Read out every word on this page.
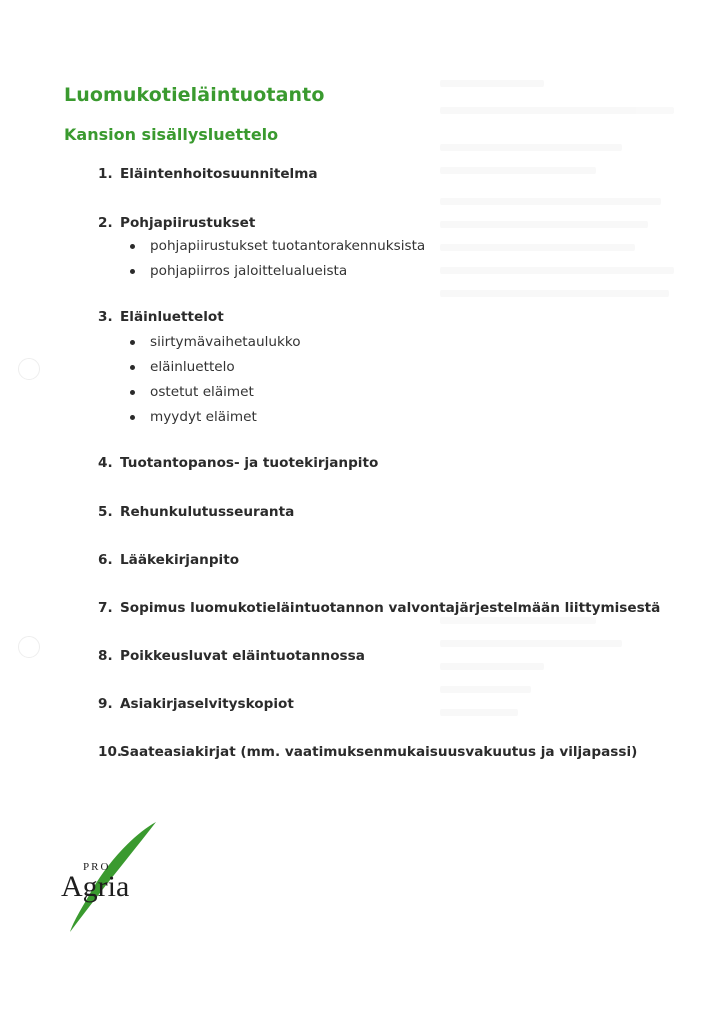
Luomukotieläintuotanto
Kansion sisällysluettelo
1. Eläintenhoitosuunnitelma
2. Pohjapiirustukset
pohjapiirustukset tuotantorakennuksista
pohjapiirros jaloittelualueista
3. Eläinluettelot
siirtymävaihetaulukko
eläinluettelo
ostetut eläimet
myydyt eläimet
4. Tuotantopanos- ja tuotekirjanpito
5. Rehunkulutusseuranta
6. Lääkekirjanpito
7. Sopimus luomukotieläintuotannon valvontajärjestelmään liittymisestä
8. Poikkeusluvat eläintuotannossa
9. Asiakirjaselvityskopiot
10.Saateasiakirjat (mm. vaatimuksenmukaisuusvakuutus ja viljapassi)
PRO
Agria
